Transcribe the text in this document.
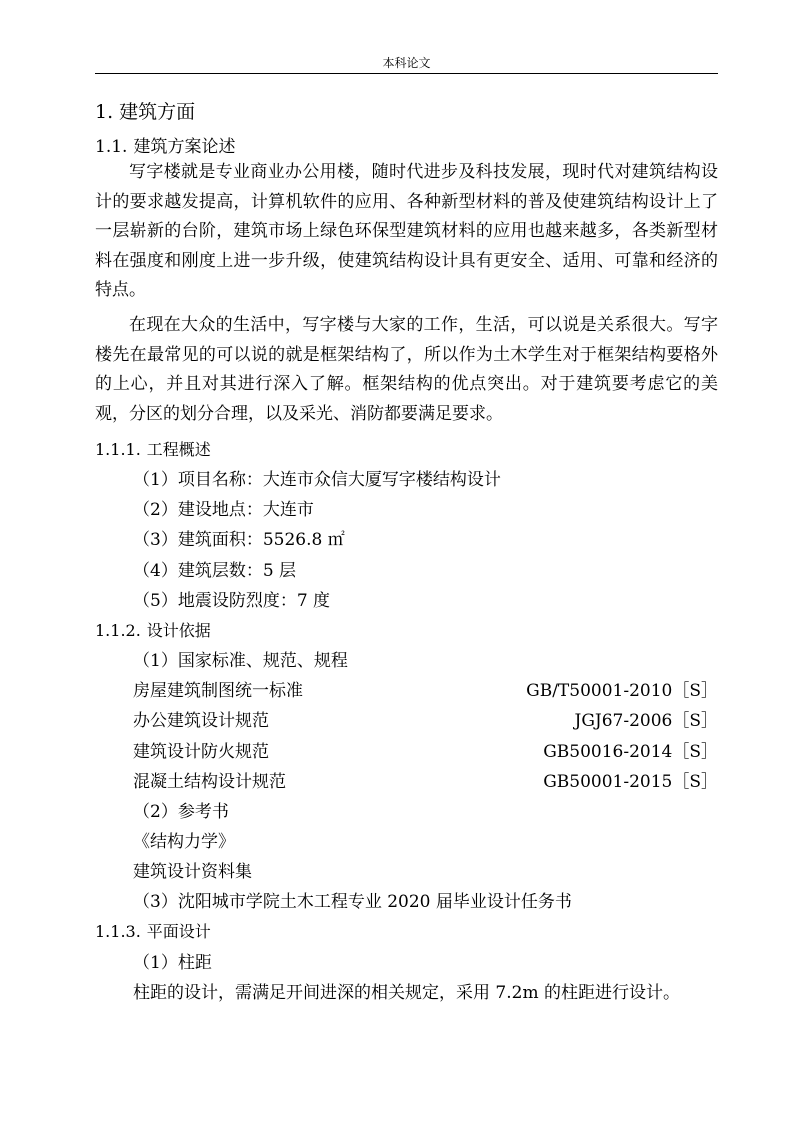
本科论文
1. 建筑方面
1.1. 建筑方案论述
写字楼就是专业商业办公用楼，随时代进步及科技发展，现时代对建筑结构设计的要求越发提高，计算机软件的应用、各种新型材料的普及使建筑结构设计上了一层崭新的台阶，建筑市场上绿色环保型建筑材料的应用也越来越多，各类新型材料在强度和刚度上进一步升级，使建筑结构设计具有更安全、适用、可靠和经济的特点。
在现在大众的生活中，写字楼与大家的工作，生活，可以说是关系很大。写字楼先在最常见的可以说的就是框架结构了，所以作为土木学生对于框架结构要格外的上心，并且对其进行深入了解。框架结构的优点突出。对于建筑要考虑它的美观，分区的划分合理，以及采光、消防都要满足要求。
1.1.1. 工程概述
（1）项目名称：大连市众信大厦写字楼结构设计
（2）建设地点：大连市
（3）建筑面积：5526.8 ㎡
（4）建筑层数：5 层
（5）地震设防烈度：7 度
1.1.2. 设计依据
（1）国家标准、规范、规程
房屋建筑制图统一标准	GB/T50001-2010［S］
办公建筑设计规范	JGJ67-2006［S］
建筑设计防火规范	GB50016-2014［S］
混凝土结构设计规范	GB50001-2015［S］
（2）参考书
《结构力学》
建筑设计资料集
（3）沈阳城市学院土木工程专业 2020 届毕业设计任务书
1.1.3. 平面设计
（1）柱距
柱距的设计，需满足开间进深的相关规定，采用 7.2m 的柱距进行设计。
